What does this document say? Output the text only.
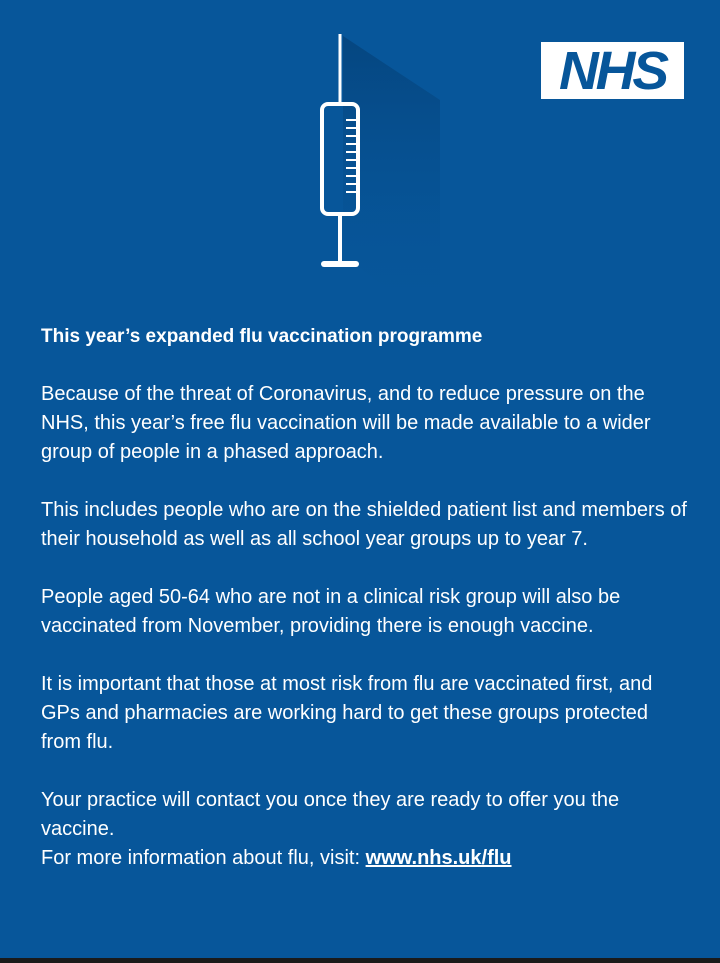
NHS

This year’s expanded flu vaccination programme

Because of the threat of Coronavirus, and to reduce pressure on the NHS, this year’s free flu vaccination will be made available to a wider group of people in a phased approach.

This includes people who are on the shielded patient list and members of their household as well as all school year groups up to year 7.

People aged 50-64 who are not in a clinical risk group will also be vaccinated from November, providing there is enough vaccine.

It is important that those at most risk from flu are vaccinated first, and GPs and pharmacies are working hard to get these groups protected from flu.

Your practice will contact you once they are ready to offer you the vaccine.

For more information about flu, visit: www.nhs.uk/flu
